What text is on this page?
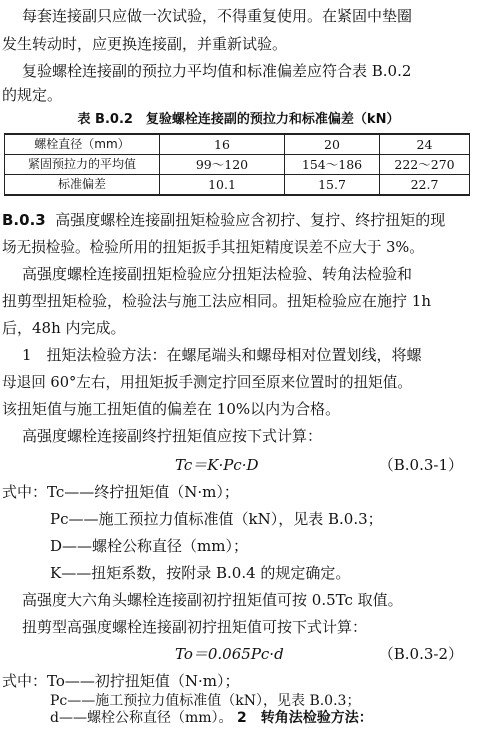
每套连接副只应做一次试验，不得重复使用。在紧固中垫圈
发生转动时，应更换连接副，并重新试验。
复验螺栓连接副的预拉力平均值和标准偏差应符合表 B.0.2
的规定。
表 B.0.2　复验螺栓连接副的预拉力和标准偏差（kN）
螺栓直径（mm）	16	20	24
紧固预拉力的平均值	99～120	154～186	222～270
标准偏差	10.1	15.7	22.7
B.0.3 高强度螺栓连接副扭矩检验应含初拧、复拧、终拧扭矩的现
场无损检验。检验所用的扭矩扳手其扭矩精度误差不应大于 3%。
高强度螺栓连接副扭矩检验应分扭矩法检验、转角法检验和
扭剪型扭矩检验，检验法与施工法应相同。扭矩检验应在施拧 1h
后，48h 内完成。
1　扭矩法检验方法：在螺尾端头和螺母相对位置划线，将螺
母退回 60°左右，用扭矩扳手测定拧回至原来位置时的扭矩值。
该扭矩值与施工扭矩值的偏差在 10%以内为合格。
高强度螺栓连接副终拧扭矩值应按下式计算：
Tc＝K·Pc·D	（B.0.3-1）
式中：Tc——终拧扭矩值（N·m）；
Pc——施工预拉力值标准值（kN），见表 B.0.3；
D——螺栓公称直径（mm）；
K——扭矩系数，按附录 B.0.4 的规定确定。
高强度大六角头螺栓连接副初拧扭矩值可按 0.5Tc 取值。
扭剪型高强度螺栓连接副初拧扭矩值可按下式计算：
To＝0.065Pc·d	（B.0.3-2）
式中：To——初拧扭矩值（N·m）；
Pc——施工预拉力值标准值（kN），见表 B.0.3；
d——螺栓公称直径（mm）。 2　转角法检验方法：
